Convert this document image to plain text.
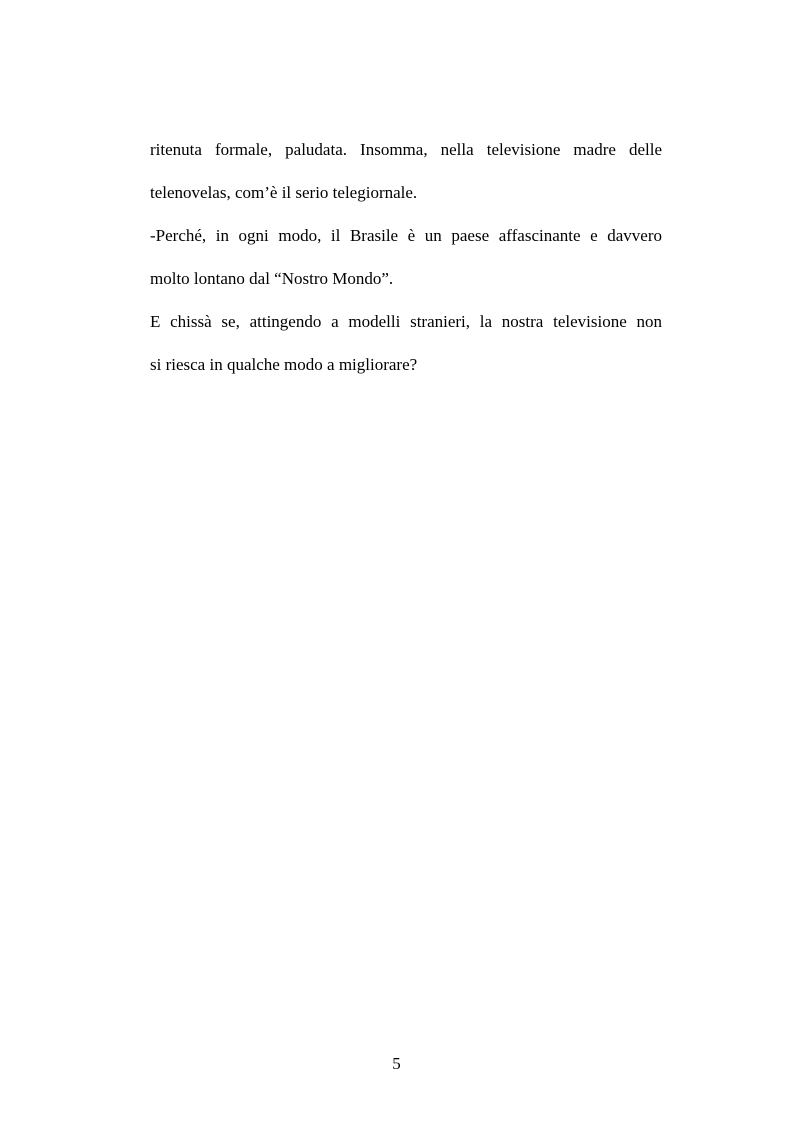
ritenuta formale, paludata. Insomma, nella televisione madre delle
telenovelas, com’è il serio telegiornale.
-Perché, in ogni modo, il Brasile è un paese affascinante e davvero
molto lontano dal “Nostro Mondo”.
E chissà se, attingendo a modelli stranieri, la nostra televisione non
si riesca in qualche modo a migliorare?
5
